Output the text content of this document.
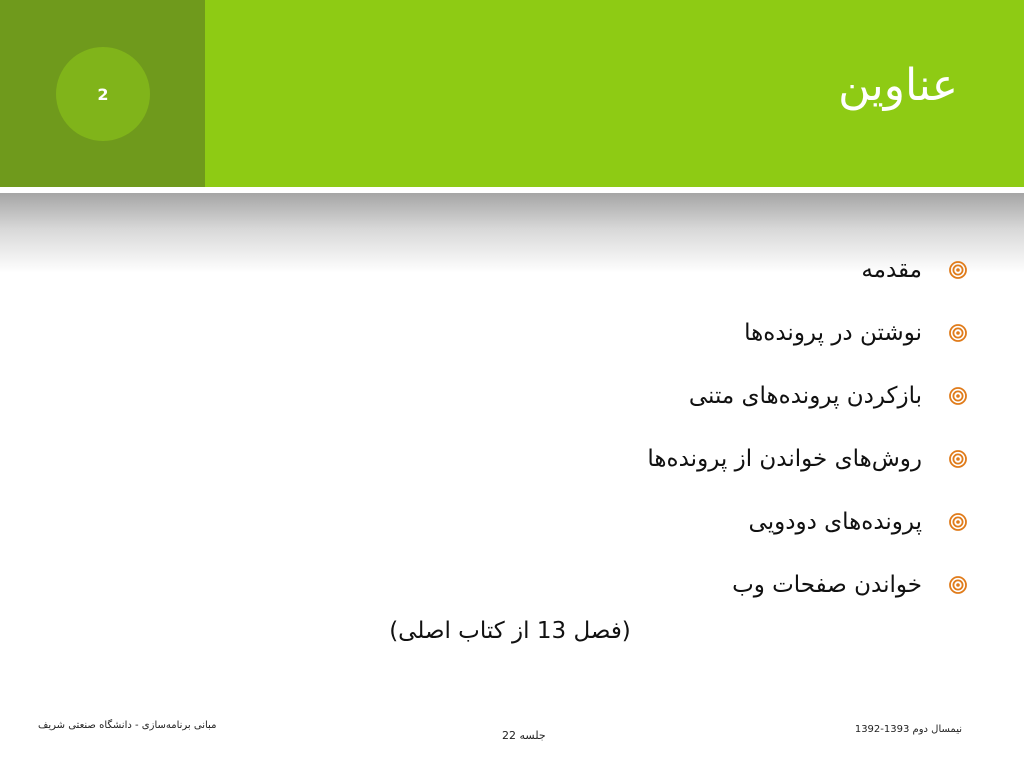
2	عناوین
مقدمه
نوشتن در پرونده‌ها
بازکردن پرونده‌های متنی
روش‌های خواندن از پرونده‌ها
پرونده‌های دودویی
خواندن صفحات وب
(فصل 13 از کتاب اصلی)
مبانی برنامه‌سازی - دانشگاه صنعتی شریف
جلسه 22	نیمسال دوم 1393-1392
